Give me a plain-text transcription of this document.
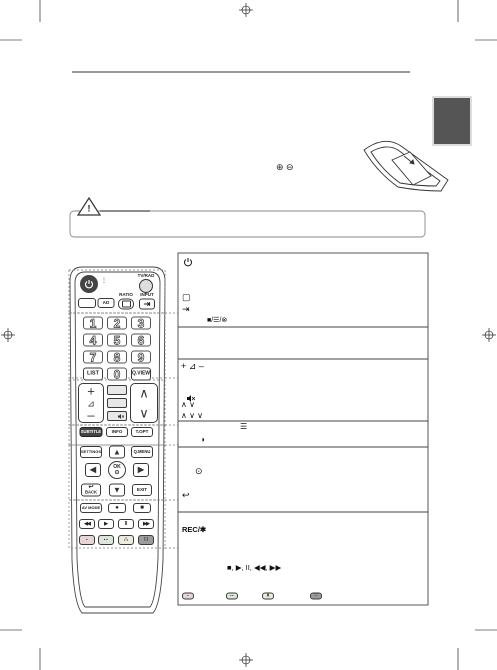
⊕ ⊖
!
⋮
TV/RAD
AD
RATIO INPUT
⇥
1	2	3
4	5	6
7	8	9
LIST	0	Q.VIEW
+
⊿
–
∧
∨
SUBTITLE	INFO	T.OPT
SETTINGS	▲	Q.MENU
◀	OK
⊙	▶
↩
BACK	▼	EXIT
AV MODE	●	■
◀◀	▶	II	▶▶
·	··	∴	∷
▢
⇥
■/☰/⊗
+ ⊿ –
∧ ∨
∧ ∨ ∨
☰
◑
⊙
↩
REC/✱
■, ▶, II, ◀◀, ▶▶
·	··	∧	∷
